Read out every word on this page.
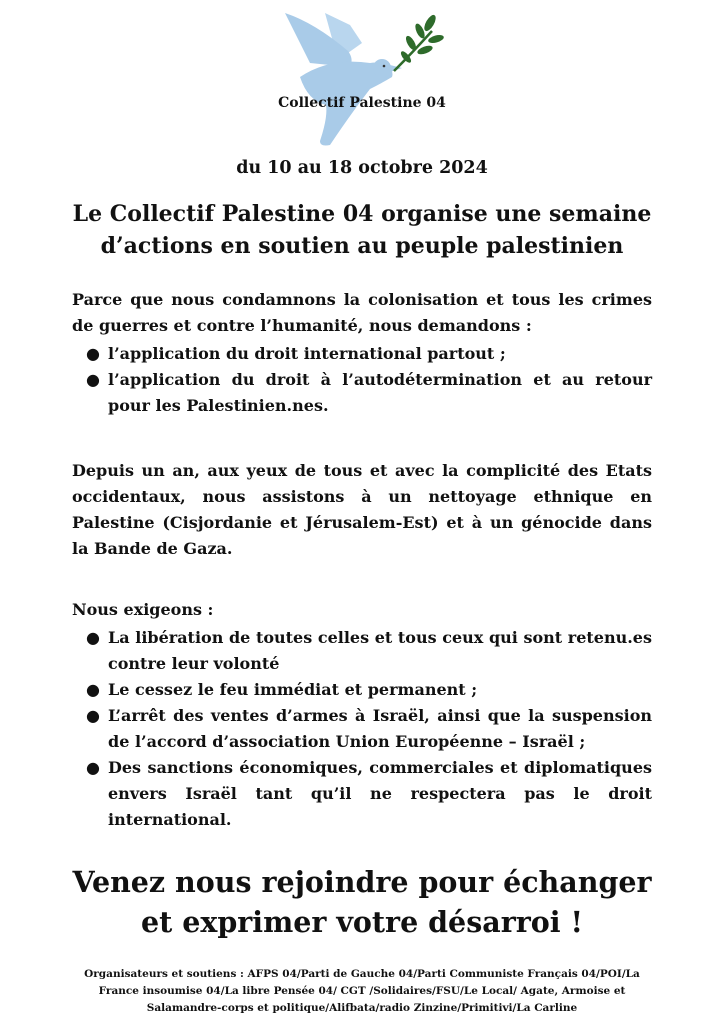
Collectif Palestine 04
du 10 au 18 octobre 2024
Le Collectif Palestine 04 organise une semaine d’actions en soutien au peuple palestinien
Parce que nous condamnons la colonisation et tous les crimes de guerres et contre l’humanité, nous demandons :
● l’application du droit international partout ;
● l’application du droit à l’autodétermination et au retour pour les Palestinien.nes.
Depuis un an, aux yeux de tous et avec la complicité des Etats occidentaux, nous assistons à un nettoyage ethnique en Palestine (Cisjordanie et Jérusalem-Est) et à un génocide dans la Bande de Gaza.
Nous exigeons :
● La libération de toutes celles et tous ceux qui sont retenu.es contre leur volonté
● Le cessez le feu immédiat et permanent ;
● L’arrêt des ventes d’armes à Israël, ainsi que la suspension de l’accord d’association Union Européenne – Israël ;
● Des sanctions économiques, commerciales et diplomatiques envers Israël tant qu’il ne respectera pas le droit international.
Venez nous rejoindre pour échanger
et exprimer votre désarroi !
Organisateurs et soutiens : AFPS 04/Parti de Gauche 04/Parti Communiste Français 04/POI/La France insoumise 04/La libre Pensée 04/ CGT /Solidaires/FSU/Le Local/ Agate, Armoise et Salamandre-corps et politique/Alifbata/radio Zinzine/Primitivi/La Carline
